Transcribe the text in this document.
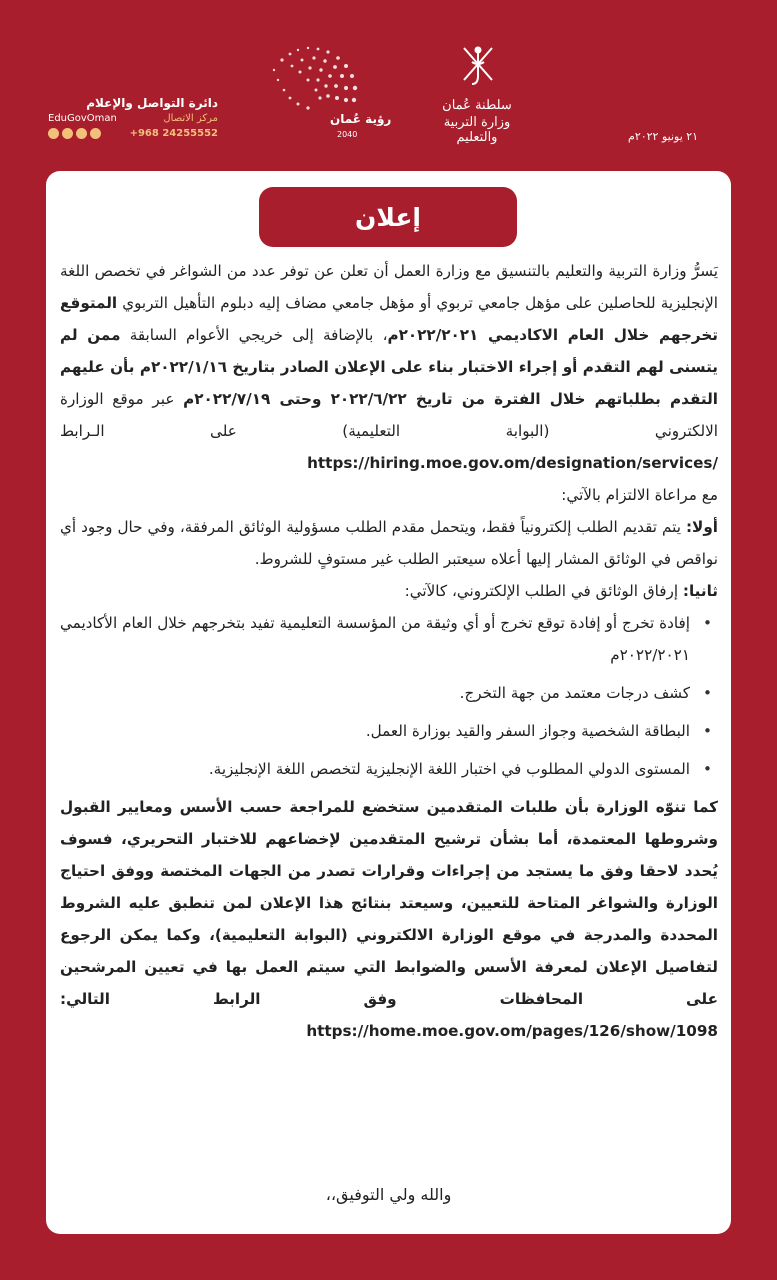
دائرة التواصل والإعلام
مركز الاتصال
EduGovOman
+968 24255552
رؤية عُمان
2040
سلطنة عُمان
وزارة التربية والتعليم	٢١ يونيو ٢٠٢٢م
إعلان

يَسرُّ وزارة التربية والتعليم بالتنسيق مع وزارة العمل أن تعلن عن توفر عدد من الشواغر في تخصص اللغة الإنجليزية للحاصلين على مؤهل جامعي تربوي أو مؤهل جامعي مضاف إليه دبلوم التأهيل التربوي المتوقع تخرجهم خلال العام الاكاديمي ٢٠٢٢/٢٠٢١م، بالإضافة إلى خريجي الأعوام السابقة ممن لم يتسنى لهم التقدم أو إجراء الاختبار بناء على الإعلان الصادر بتاريخ ٢٠٢٢/١/١٦م بأن عليهم التقدم بطلباتهم خلال الفترة من تاريخ ٢٠٢٢/٦/٢٢ وحتى ٢٠٢٢/٧/١٩م عبر موقع الوزارة الالكتروني (البوابة التعليمية) على الـرابط https://hiring.moe.gov.om/designation/services/

مع مراعاة الالتزام بالآتي:

أولا: يتم تقديم الطلب إلكترونياً فقط، ويتحمل مقدم الطلب مسؤولية الوثائق المرفقة، وفي حال وجود أي نواقص في الوثائق المشار إليها أعلاه سيعتبر الطلب غير مستوفٍ للشروط.

ثانيا: إرفاق الوثائق في الطلب الإلكتروني، كالآتي:

• إفادة تخرج أو إفادة توقع تخرج أو أي وثيقة من المؤسسة التعليمية تفيد بتخرجهم خلال العام الأكاديمي ٢٠٢٢/٢٠٢١م
• كشف درجات معتمد من جهة التخرج.
• البطاقة الشخصية وجواز السفر والقيد بوزارة العمل.
• المستوى الدولي المطلوب في اختبار اللغة الإنجليزية لتخصص اللغة الإنجليزية.

كما تنوّه الوزارة بأن طلبات المتقدمين ستخضع للمراجعة حسب الأسس ومعايير القبول وشروطها المعتمدة، أما بشأن ترشيح المتقدمين لإخضاعهم للاختبار التحريري، فسوف يُحدد لاحقا وفق ما يستجد من إجراءات وقرارات تصدر من الجهات المختصة ووفق احتياج الوزارة والشواغر المتاحة للتعيين، وسيعتد بنتائج هذا الإعلان لمن تنطبق عليه الشروط المحددة والمدرجة في موقع الوزارة الالكتروني (البوابة التعليمية)، وكما يمكن الرجوع لتفاصيل الإعلان لمعرفة الأسس والضوابط التي سيتم العمل بها في تعيين المرشحين على المحافظات وفق الرابط التالي: https://home.moe.gov.om/pages/126/show/1098

والله ولي التوفيق،،
